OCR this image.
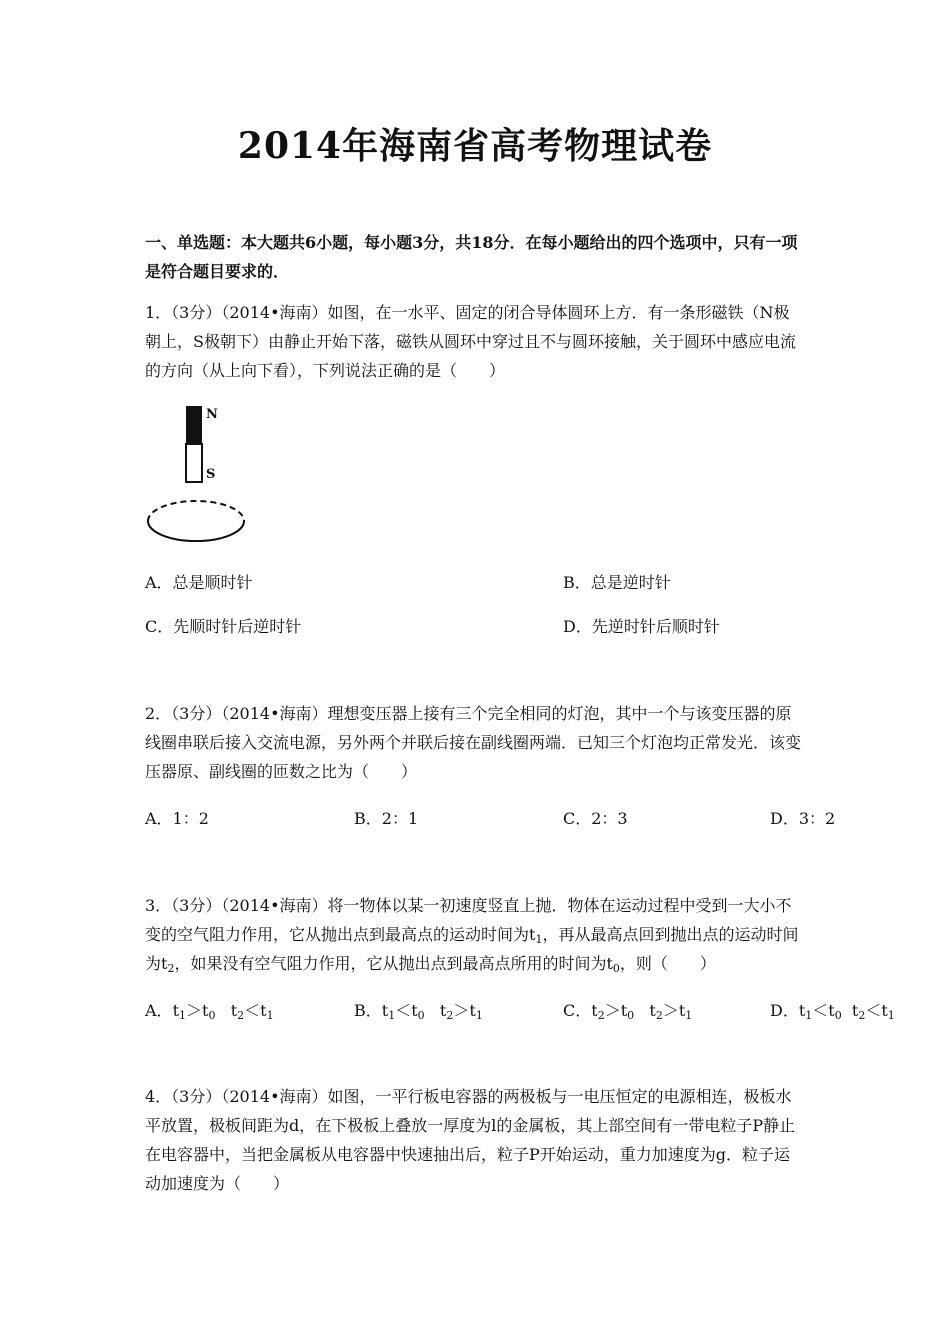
2014年海南省高考物理试卷
一、单选题：本大题共6小题，每小题3分，共18分．在每小题给出的四个选项中，只有一项是符合题目要求的．
1．（3分）（2014•海南）如图，在一水平、固定的闭合导体圆环上方．有一条形磁铁（N极朝上，S极朝下）由静止开始下落，磁铁从圆环中穿过且不与圆环接触，关于圆环中感应电流的方向（从上向下看），下列说法正确的是（　　）
N
S
A．总是顺时针	B．总是逆时针
C．先顺时针后逆时针	D．先逆时针后顺时针
2．（3分）（2014•海南）理想变压器上接有三个完全相同的灯泡，其中一个与该变压器的原线圈串联后接入交流电源，另外两个并联后接在副线圈两端．已知三个灯泡均正常发光．该变压器原、副线圈的匝数之比为（　　）
A．1：2	B．2：1	C．2：3	D．3：2
3．（3分）（2014•海南）将一物体以某一初速度竖直上抛．物体在运动过程中受到一大小不变的空气阻力作用，它从抛出点到最高点的运动时间为$t_1$，再从最高点回到抛出点的运动时间为$t_2$，如果没有空气阻力作用，它从抛出点到最高点所用的时间为$t_0$，则（　　）
A．$t_1>t_0$ $t_2<t_1$	B．$t_1<t_0$ $t_2>t_1$	C．$t_2>t_0$ $t_2>t_1$	D．$t_1<t_0$ $t_2<t_1$
4．（3分）（2014•海南）如图，一平行板电容器的两极板与一电压恒定的电源相连，极板水平放置，极板间距为d，在下极板上叠放一厚度为l的金属板，其上部空间有一带电粒子P静止在电容器中，当把金属板从电容器中快速抽出后，粒子P开始运动，重力加速度为g．粒子运动加速度为（　　）
